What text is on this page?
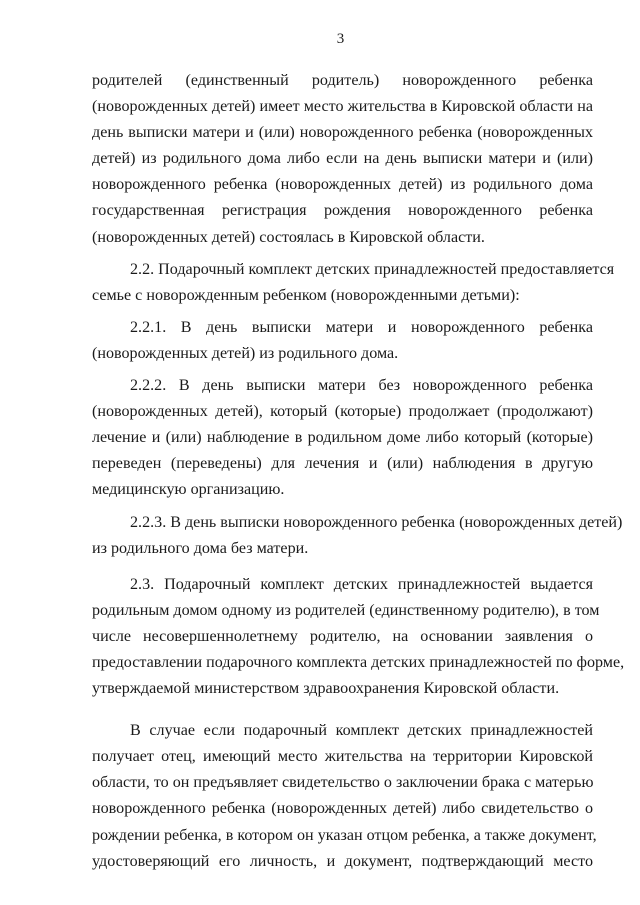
3
родителей (единственный родитель) новорожденного ребенка
(новорожденных детей) имеет место жительства в Кировской области на
день выписки матери и (или) новорожденного ребенка (новорожденных
детей) из родильного дома либо если на день выписки матери и (или)
новорожденного ребенка (новорожденных детей) из родильного дома
государственная регистрация рождения новорожденного ребенка
(новорожденных детей) состоялась в Кировской области.
2.2. Подарочный комплект детских принадлежностей предоставляется
семье с новорожденным ребенком (новорожденными детьми):
2.2.1. В день выписки матери и новорожденного ребенка
(новорожденных детей) из родильного дома.
2.2.2. В день выписки матери без новорожденного ребенка
(новорожденных детей), который (которые) продолжает (продолжают)
лечение и (или) наблюдение в родильном доме либо который (которые)
переведен (переведены) для лечения и (или) наблюдения в другую
медицинскую организацию.
2.2.3. В день выписки новорожденного ребенка (новорожденных детей)
из родильного дома без матери.
2.3. Подарочный комплект детских принадлежностей выдается
родильным домом одному из родителей (единственному родителю), в том
числе несовершеннолетнему родителю, на основании заявления о
предоставлении подарочного комплекта детских принадлежностей по форме,
утверждаемой министерством здравоохранения Кировской области.
В случае если подарочный комплект детских принадлежностей
получает отец, имеющий место жительства на территории Кировской
области, то он предъявляет свидетельство о заключении брака с матерью
новорожденного ребенка (новорожденных детей) либо свидетельство о
рождении ребенка, в котором он указан отцом ребенка, а также документ,
удостоверяющий его личность, и документ, подтверждающий место
